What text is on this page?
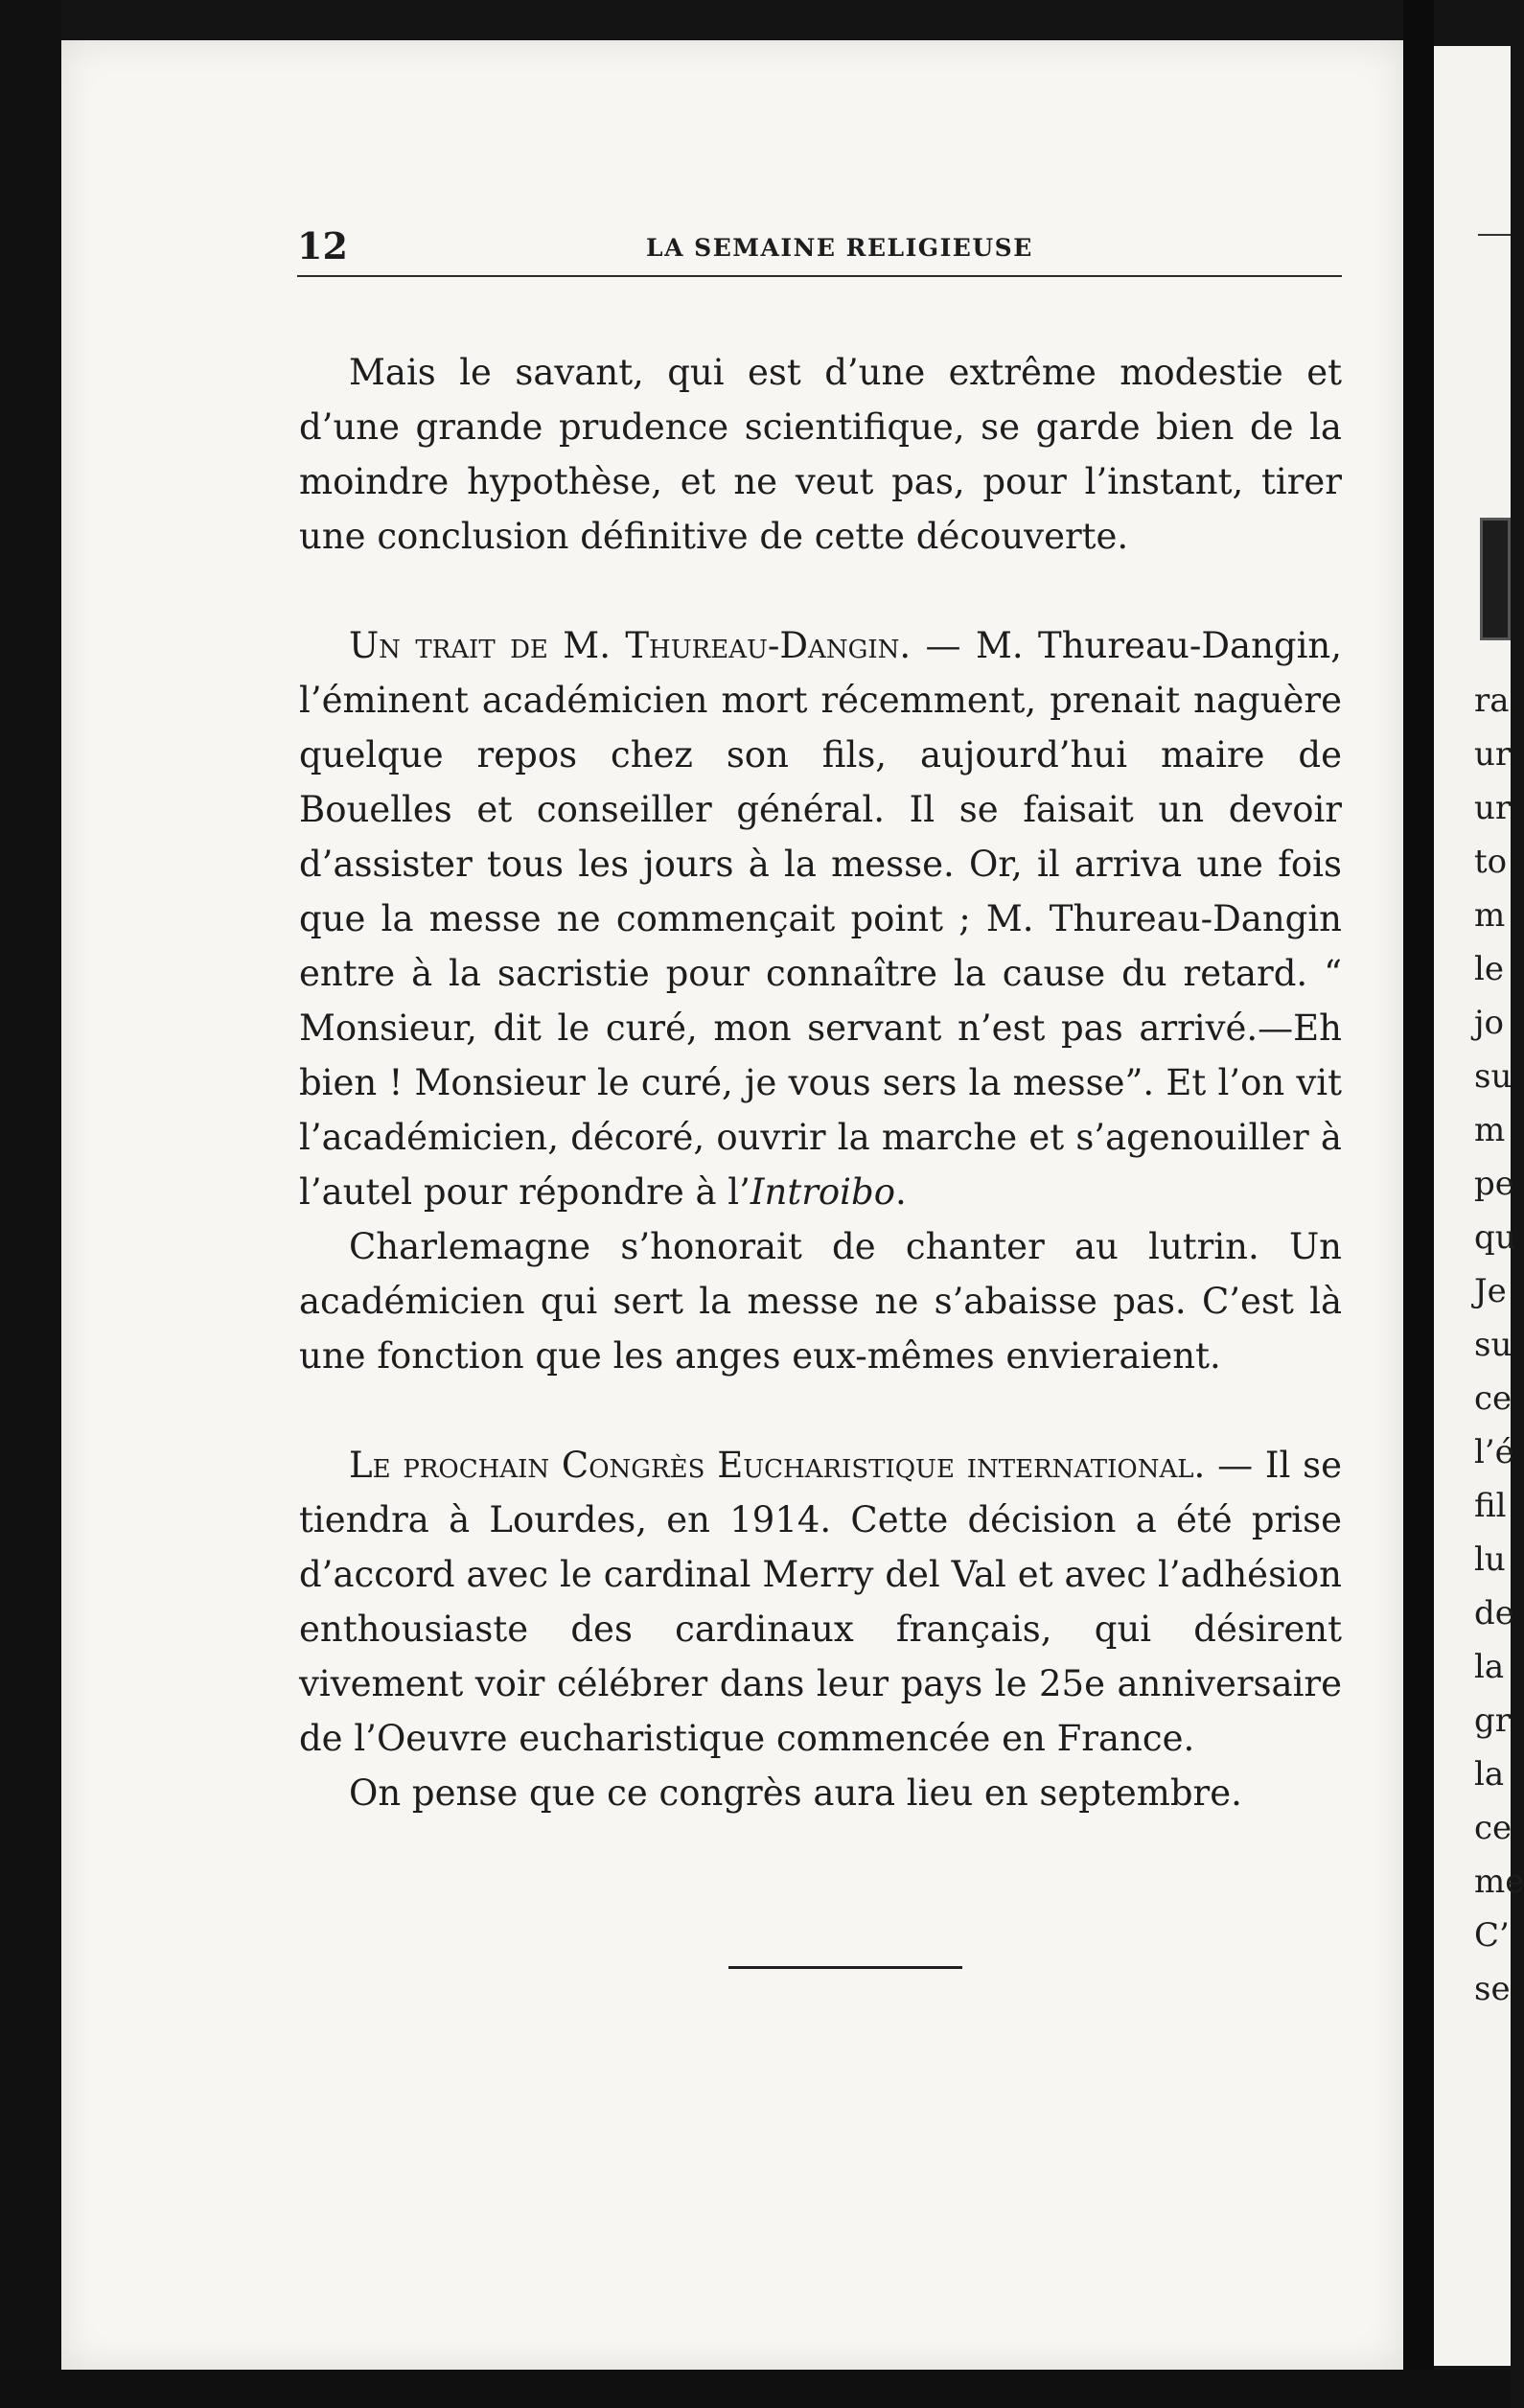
12	LA SEMAINE RELIGIEUSE

Mais le savant, qui est d’une extrême modestie et d’une grande prudence scientifique, se garde bien de la moindre hypothèse, et ne veut pas, pour l’instant, tirer une conclusion définitive de cette découverte.

Un trait de M. Thureau-Dangin. — M. Thureau-Dangin, l’éminent académicien mort récemment, prenait naguère quelque repos chez son fils, aujourd’hui maire de Bouelles et conseiller général. Il se faisait un devoir d’assister tous les jours à la messe. Or, il arriva une fois que la messe ne commençait point ; M. Thureau-Dangin entre à la sacristie pour connaître la cause du retard. “ Monsieur, dit le curé, mon servant n’est pas arrivé.—Eh bien ! Monsieur le curé, je vous sers la messe”. Et l’on vit l’académicien, décoré, ouvrir la marche et s’agenouiller à l’autel pour répondre à l’Introibo.

Charlemagne s’honorait de chanter au lutrin. Un académicien qui sert la messe ne s’abaisse pas. C’est là une fonction que les anges eux-mêmes envieraient.

Le prochain Congrès Eucharistique international. — Il se tiendra à Lourdes, en 1914. Cette décision a été prise d’accord avec le cardinal Merry del Val et avec l’adhésion enthousiaste des cardinaux français, qui désirent vivement voir célébrer dans leur pays le 25e anniversaire de l’Oeuvre eucharistique commencée en France.

On pense que ce congrès aura lieu en septembre.

ra
ur
ur
to
m
le
jo
su
m
pe
qu
Je
su
ce
l’é
fil
lu
de
la
gr
la
ce
me
C’
se
